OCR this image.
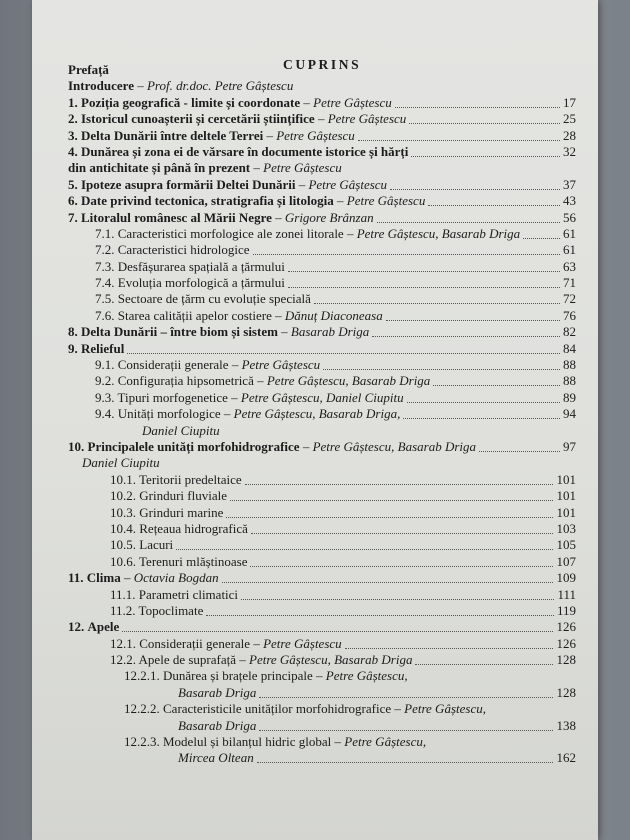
CUPRINS
Prefață
Introducere – Prof. dr.doc. Petre Gâștescu
1. Poziția geografică - limite și coordonate – Petre Gâștescu	17
2. Istoricul cunoașterii și cercetării științifice – Petre Gâștescu	25
3. Delta Dunării între deltele Terrei – Petre Gâștescu	28
4. Dunărea și zona ei de vărsare în documente istorice și hărți	32
din antichitate și până în prezent – Petre Gâștescu
5. Ipoteze asupra formării Deltei Dunării – Petre Gâștescu	37
6. Date privind tectonica, stratigrafia și litologia – Petre Gâștescu	43
7. Litoralul românesc al Mării Negre – Grigore Brânzan	56
7.1. Caracteristici morfologice ale zonei litorale – Petre Gâștescu, Basarab Driga	61
7.2. Caracteristici hidrologice	61
7.3. Desfășurarea spațială a țărmului	63
7.4. Evoluția morfologică a țărmului	71
7.5. Sectoare de țărm cu evoluție specială	72
7.6. Starea calității apelor costiere – Dănuț Diaconeasa	76
8. Delta Dunării – între biom și sistem – Basarab Driga	82
9. Relieful	84
9.1. Considerații generale – Petre Gâștescu	88
9.2. Configurația hipsometrică – Petre Gâștescu, Basarab Driga	88
9.3. Tipuri morfogenetice – Petre Gâștescu, Daniel Ciupitu	89
9.4. Unități morfologice – Petre Gâștescu, Basarab Driga,	94
Daniel Ciupitu
10. Principalele unități morfohidrografice – Petre Gâștescu, Basarab Driga	97
Daniel Ciupitu
10.1. Teritorii predeltaice	101
10.2. Grinduri fluviale	101
10.3. Grinduri marine	101
10.4. Rețeaua hidrografică	103
10.5. Lacuri	105
10.6. Terenuri mlăștinoase	107
11. Clima – Octavia Bogdan	109
11.1. Parametri climatici	111
11.2. Topoclimate	119
12. Apele	126
12.1. Considerații generale – Petre Gâștescu	126
12.2. Apele de suprafață – Petre Gâștescu, Basarab Driga	128
12.2.1. Dunărea și brațele principale – Petre Gâștescu,
Basarab Driga	128
12.2.2. Caracteristicile unităților morfohidrografice – Petre Gâștescu,
Basarab Driga	138
12.2.3. Modelul și bilanțul hidric global – Petre Gâștescu,
Mircea Oltean	162
